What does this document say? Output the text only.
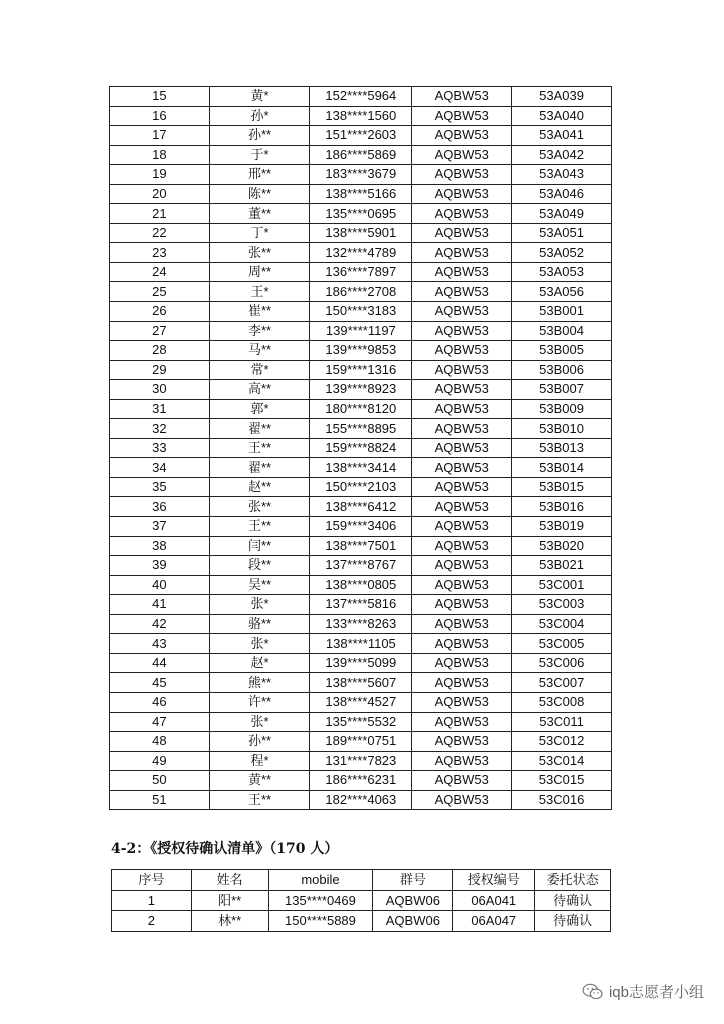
15	黄*	152****5964	AQBW53	53A039
16	孙*	138****1560	AQBW53	53A040
17	孙**	151****2603	AQBW53	53A041
18	于*	186****5869	AQBW53	53A042
19	邢**	183****3679	AQBW53	53A043
20	陈**	138****5166	AQBW53	53A046
21	董**	135****0695	AQBW53	53A049
22	丁*	138****5901	AQBW53	53A051
23	张**	132****4789	AQBW53	53A052
24	周**	136****7897	AQBW53	53A053
25	王*	186****2708	AQBW53	53A056
26	崔**	150****3183	AQBW53	53B001
27	李**	139****1197	AQBW53	53B004
28	马**	139****9853	AQBW53	53B005
29	常*	159****1316	AQBW53	53B006
30	高**	139****8923	AQBW53	53B007
31	郭*	180****8120	AQBW53	53B009
32	翟**	155****8895	AQBW53	53B010
33	王**	159****8824	AQBW53	53B013
34	翟**	138****3414	AQBW53	53B014
35	赵**	150****2103	AQBW53	53B015
36	张**	138****6412	AQBW53	53B016
37	王**	159****3406	AQBW53	53B019
38	闫**	138****7501	AQBW53	53B020
39	段**	137****8767	AQBW53	53B021
40	吴**	138****0805	AQBW53	53C001
41	张*	137****5816	AQBW53	53C003
42	骆**	133****8263	AQBW53	53C004
43	张*	138****1105	AQBW53	53C005
44	赵*	139****5099	AQBW53	53C006
45	熊**	138****5607	AQBW53	53C007
46	许**	138****4527	AQBW53	53C008
47	张*	135****5532	AQBW53	53C011
48	孙**	189****0751	AQBW53	53C012
49	程*	131****7823	AQBW53	53C014
50	黄**	186****6231	AQBW53	53C015
51	王**	182****4063	AQBW53	53C016
4-2：《授权待确认清单》（170 人）
序号	姓名	mobile	群号	授权编号	委托状态
1	阳**	135****0469	AQBW06	06A041	待确认
2	林**	150****5889	AQBW06	06A047	待确认
iqb志愿者小组
